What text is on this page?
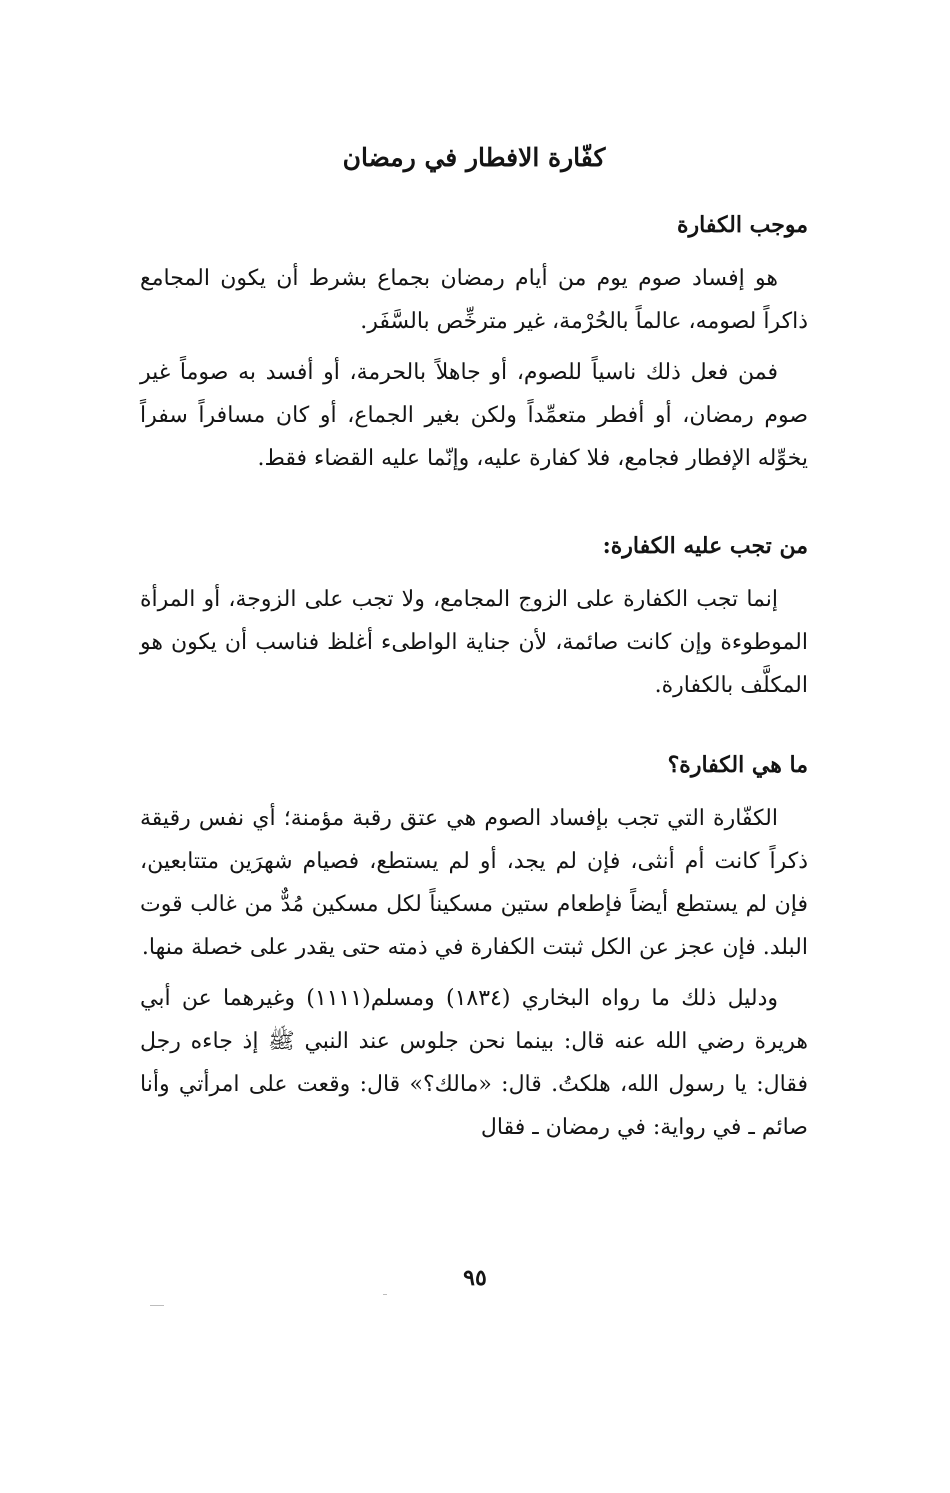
كفّارة الافطار في رمضان
موجب الكفارة

هو إفساد صوم يوم من أيام رمضان بجماع بشرط أن يكون المجامع ذاكراً لصومه، عالماً بالحُرْمة، غير مترخِّص بالسَّفَر.

فمن فعل ذلك ناسياً للصوم، أو جاهلاً بالحرمة، أو أفسد به صوماً غير صوم رمضان، أو أفطر متعمِّداً ولكن بغير الجماع، أو كان مسافراً سفراً يخوِّله الإفطار فجامع، فلا كفارة عليه، وإنّما عليه القضاء فقط.

من تجب عليه الكفارة:

إنما تجب الكفارة على الزوج المجامع، ولا تجب على الزوجة، أو المرأة الموطوءة وإن كانت صائمة، لأن جناية الواطىء أغلظ فناسب أن يكون هو المكلَّف بالكفارة.

ما هي الكفارة؟

الكفّارة التي تجب بإفساد الصوم هي عتق رقبة مؤمنة؛ أي نفس رقيقة ذكراً كانت أم أنثى، فإن لم يجد، أو لم يستطع، فصيام شهرَين متتابعين، فإن لم يستطع أيضاً فإطعام ستين مسكيناً لكل مسكين مُدٌّ من غالب قوت البلد. فإن عجز عن الكل ثبتت الكفارة في ذمته حتى يقدر على خصلة منها.

ودليل ذلك ما رواه البخاري (١٨٣٤) ومسلم(١١١١) وغيرهما عن أبي هريرة رضي الله عنه قال: بينما نحن جلوس عند النبي ﷺ إذ جاءه رجل فقال: يا رسول الله، هلكتُ. قال: «مالك؟» قال: وقعت على امرأتي وأنا صائم ـ في رواية: في رمضان ـ فقال

٩٥
